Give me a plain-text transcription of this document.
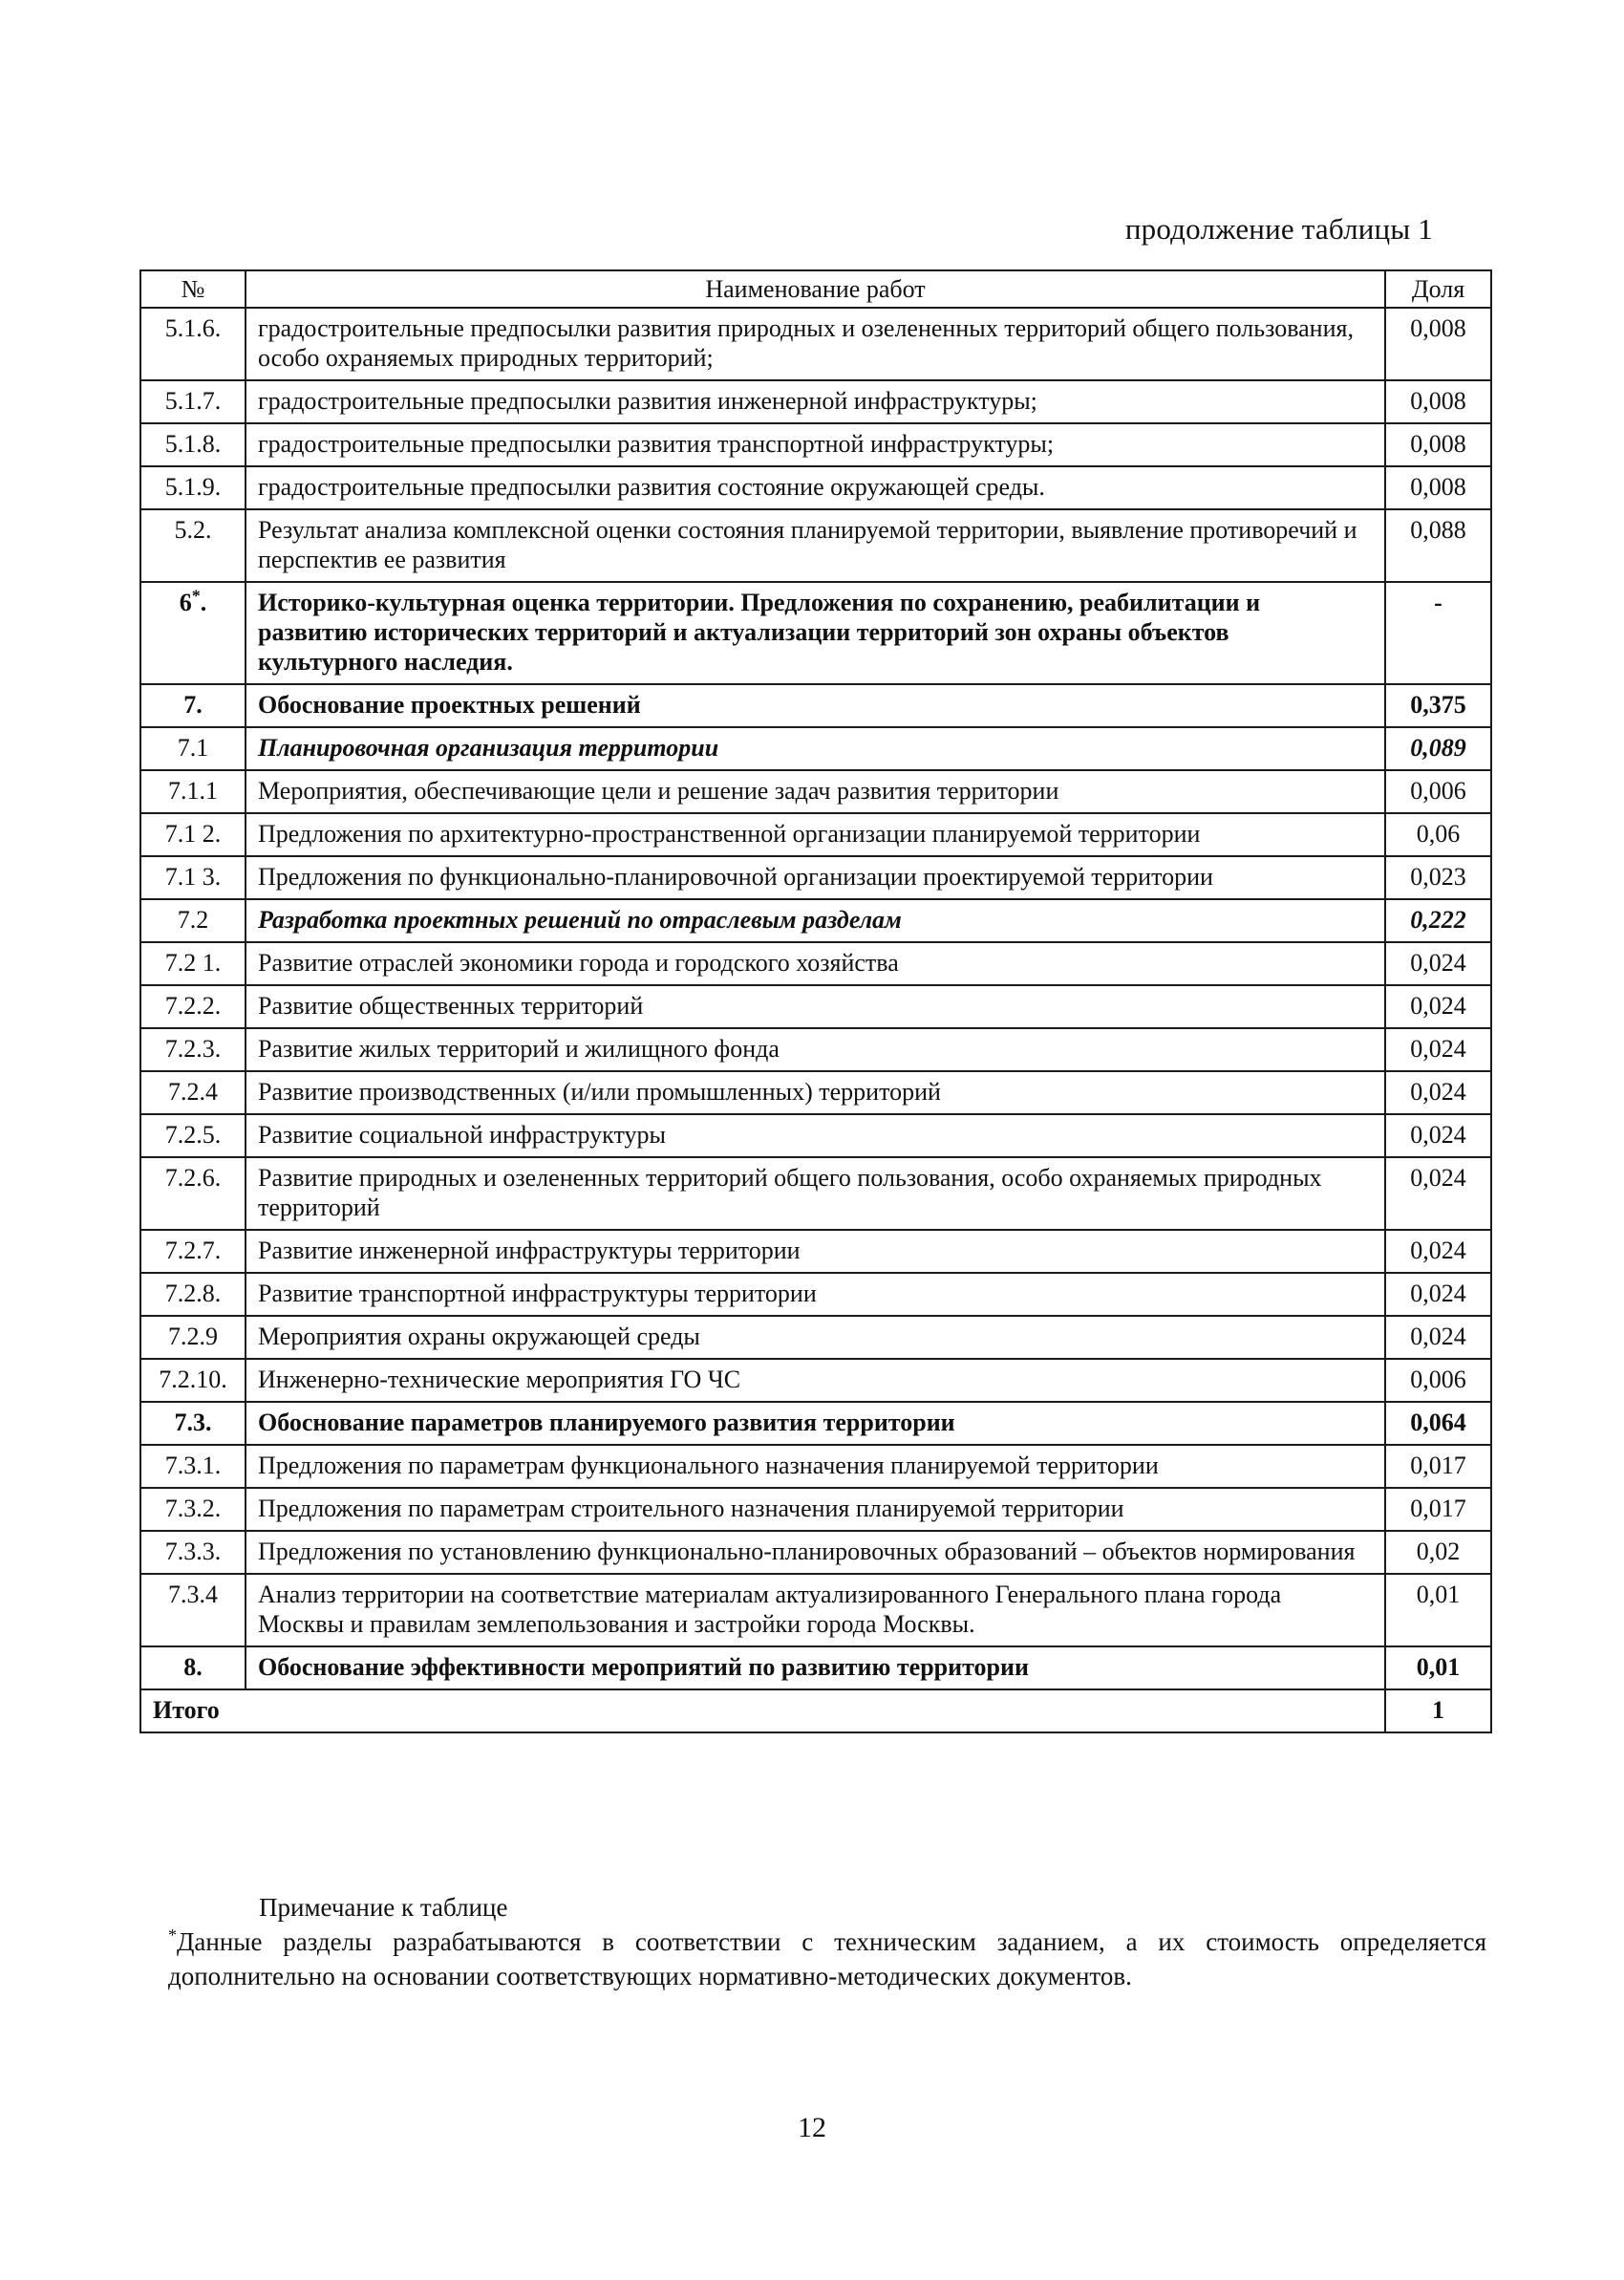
продолжение таблицы 1
№	Наименование работ	Доля
5.1.6.	градостроительные предпосылки развития природных и озелененных территорий общего пользования, особо охраняемых природных территорий;	0,008
5.1.7.	градостроительные предпосылки развития инженерной инфраструктуры;	0,008
5.1.8.	градостроительные предпосылки развития транспортной инфраструктуры;	0,008
5.1.9.	градостроительные предпосылки развития состояние окружающей среды.	0,008
5.2.	Результат анализа комплексной оценки состояния планируемой территории, выявление противоречий и перспектив ее развития	0,088
6*.	Историко-культурная оценка территории. Предложения по сохранению, реабилитации и развитию исторических территорий и актуализации территорий зон охраны объектов культурного наследия.	-
7.	Обоснование проектных решений	0,375
7.1	Планировочная организация территории	0,089
7.1.1	Мероприятия, обеспечивающие цели и решение задач развития территории	0,006
7.1 2.	Предложения по архитектурно-пространственной организации планируемой территории	0,06
7.1 3.	Предложения по функционально-планировочной организации проектируемой территории	0,023
7.2	Разработка проектных решений по отраслевым разделам	0,222
7.2 1.	Развитие отраслей экономики города и городского хозяйства	0,024
7.2.2.	Развитие общественных территорий	0,024
7.2.3.	Развитие жилых территорий и жилищного фонда	0,024
7.2.4	Развитие производственных (и/или промышленных) территорий	0,024
7.2.5.	Развитие социальной инфраструктуры	0,024
7.2.6.	Развитие природных и озелененных территорий общего пользования, особо охраняемых природных территорий	0,024
7.2.7.	Развитие инженерной инфраструктуры территории	0,024
7.2.8.	Развитие транспортной инфраструктуры территории	0,024
7.2.9	Мероприятия охраны окружающей среды	0,024
7.2.10.	Инженерно-технические мероприятия ГО ЧС	0,006
7.3.	Обоснование параметров планируемого развития территории	0,064
7.3.1.	Предложения по параметрам функционального назначения планируемой территории	0,017
7.3.2.	Предложения по параметрам строительного назначения планируемой территории	0,017
7.3.3.	Предложения по установлению функционально-планировочных образований – объектов нормирования	0,02
7.3.4	Анализ территории на соответствие материалам актуализированного Генерального плана города Москвы и правилам землепользования и застройки города Москвы.	0,01
8.	Обоснование эффективности мероприятий по развитию территории	0,01
Итого		1
Примечание к таблице
*Данные разделы разрабатываются в соответствии с техническим заданием, а их стоимость определяется дополнительно на основании соответствующих нормативно-методических документов.
12
